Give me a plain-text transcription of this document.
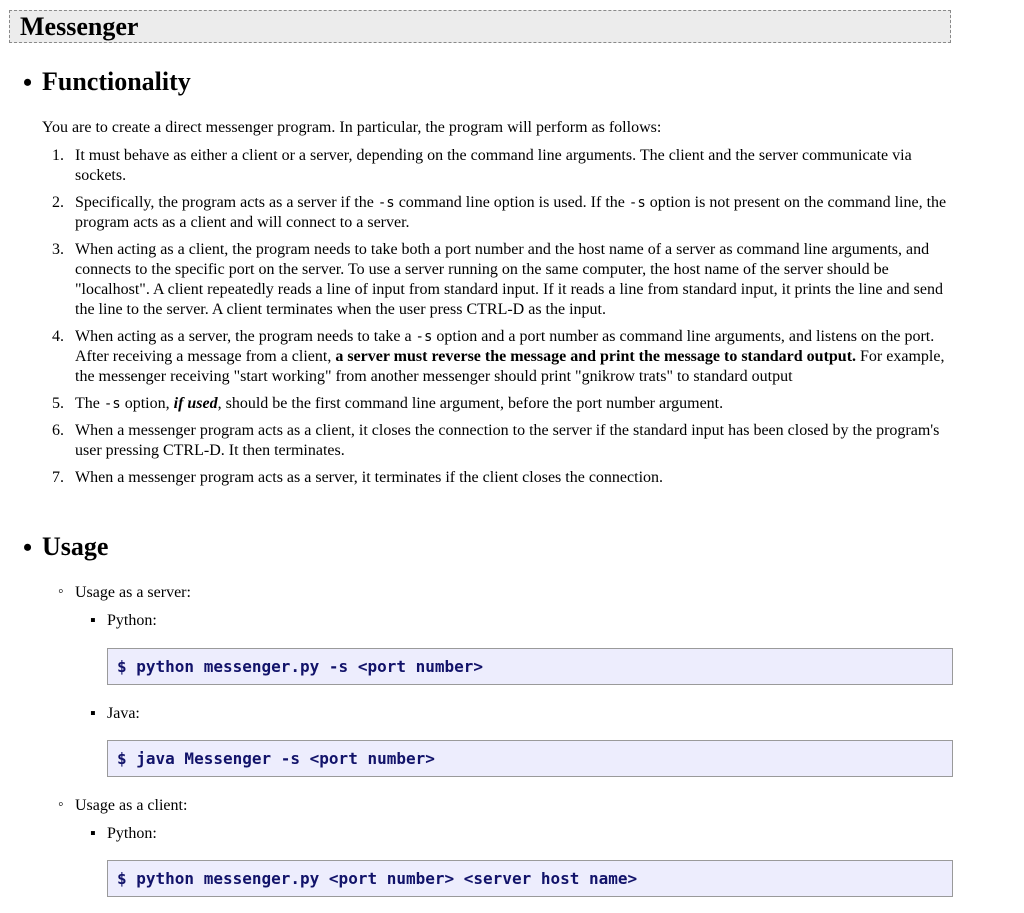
Messenger
• Functionality
You are to create a direct messenger program. In particular, the program will perform as follows:
1. It must behave as either a client or a server, depending on the command line arguments. The client and the server communicate via sockets.
2. Specifically, the program acts as a server if the -s command line option is used. If the -s option is not present on the command line, the program acts as a client and will connect to a server.
3. When acting as a client, the program needs to take both a port number and the host name of a server as command line arguments, and connects to the specific port on the server. To use a server running on the same computer, the host name of the server should be "localhost". A client repeatedly reads a line of input from standard input. If it reads a line from standard input, it prints the line and send the line to the server. A client terminates when the user press CTRL-D as the input.
4. When acting as a server, the program needs to take a -s option and a port number as command line arguments, and listens on the port. After receiving a message from a client, a server must reverse the message and print the message to standard output. For example, the messenger receiving "start working" from another messenger should print "gnikrow trats" to standard output
5. The -s option, if used, should be the first command line argument, before the port number argument.
6. When a messenger program acts as a client, it closes the connection to the server if the standard input has been closed by the program's user pressing CTRL-D. It then terminates.
7. When a messenger program acts as a server, it terminates if the client closes the connection.
• Usage
◦ Usage as a server:
▪ Python:
$ python messenger.py -s <port number>
▪ Java:
$ java Messenger -s <port number>
◦ Usage as a client:
▪ Python:
$ python messenger.py <port number> <server host name>
